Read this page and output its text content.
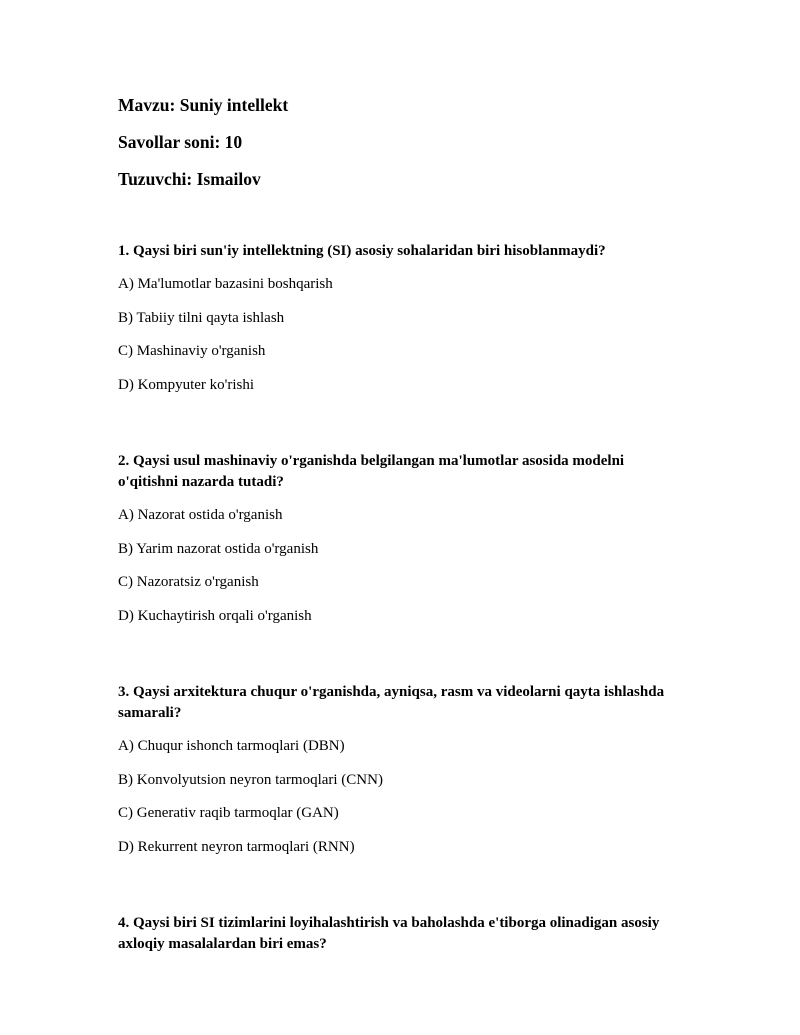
Mavzu: Suniy intellekt
Savollar soni: 10
Tuzuvchi: Ismailov
1. Qaysi biri sun'iy intellektning (SI) asosiy sohalaridan biri hisoblanmaydi?
A) Ma'lumotlar bazasini boshqarish
B) Tabiiy tilni qayta ishlash
C) Mashinaviy o'rganish
D) Kompyuter ko'rishi
2. Qaysi usul mashinaviy o'rganishda belgilangan ma'lumotlar asosida modelni o'qitishni nazarda tutadi?
A) Nazorat ostida o'rganish
B) Yarim nazorat ostida o'rganish
C) Nazoratsiz o'rganish
D) Kuchaytirish orqali o'rganish
3. Qaysi arxitektura chuqur o'rganishda, ayniqsa, rasm va videolarni qayta ishlashda samarali?
A) Chuqur ishonch tarmoqlari (DBN)
B) Konvolyutsion neyron tarmoqlari (CNN)
C) Generativ raqib tarmoqlar (GAN)
D) Rekurrent neyron tarmoqlari (RNN)
4. Qaysi biri SI tizimlarini loyihalashtirish va baholashda e'tiborga olinadigan asosiy axloqiy masalalardan biri emas?
